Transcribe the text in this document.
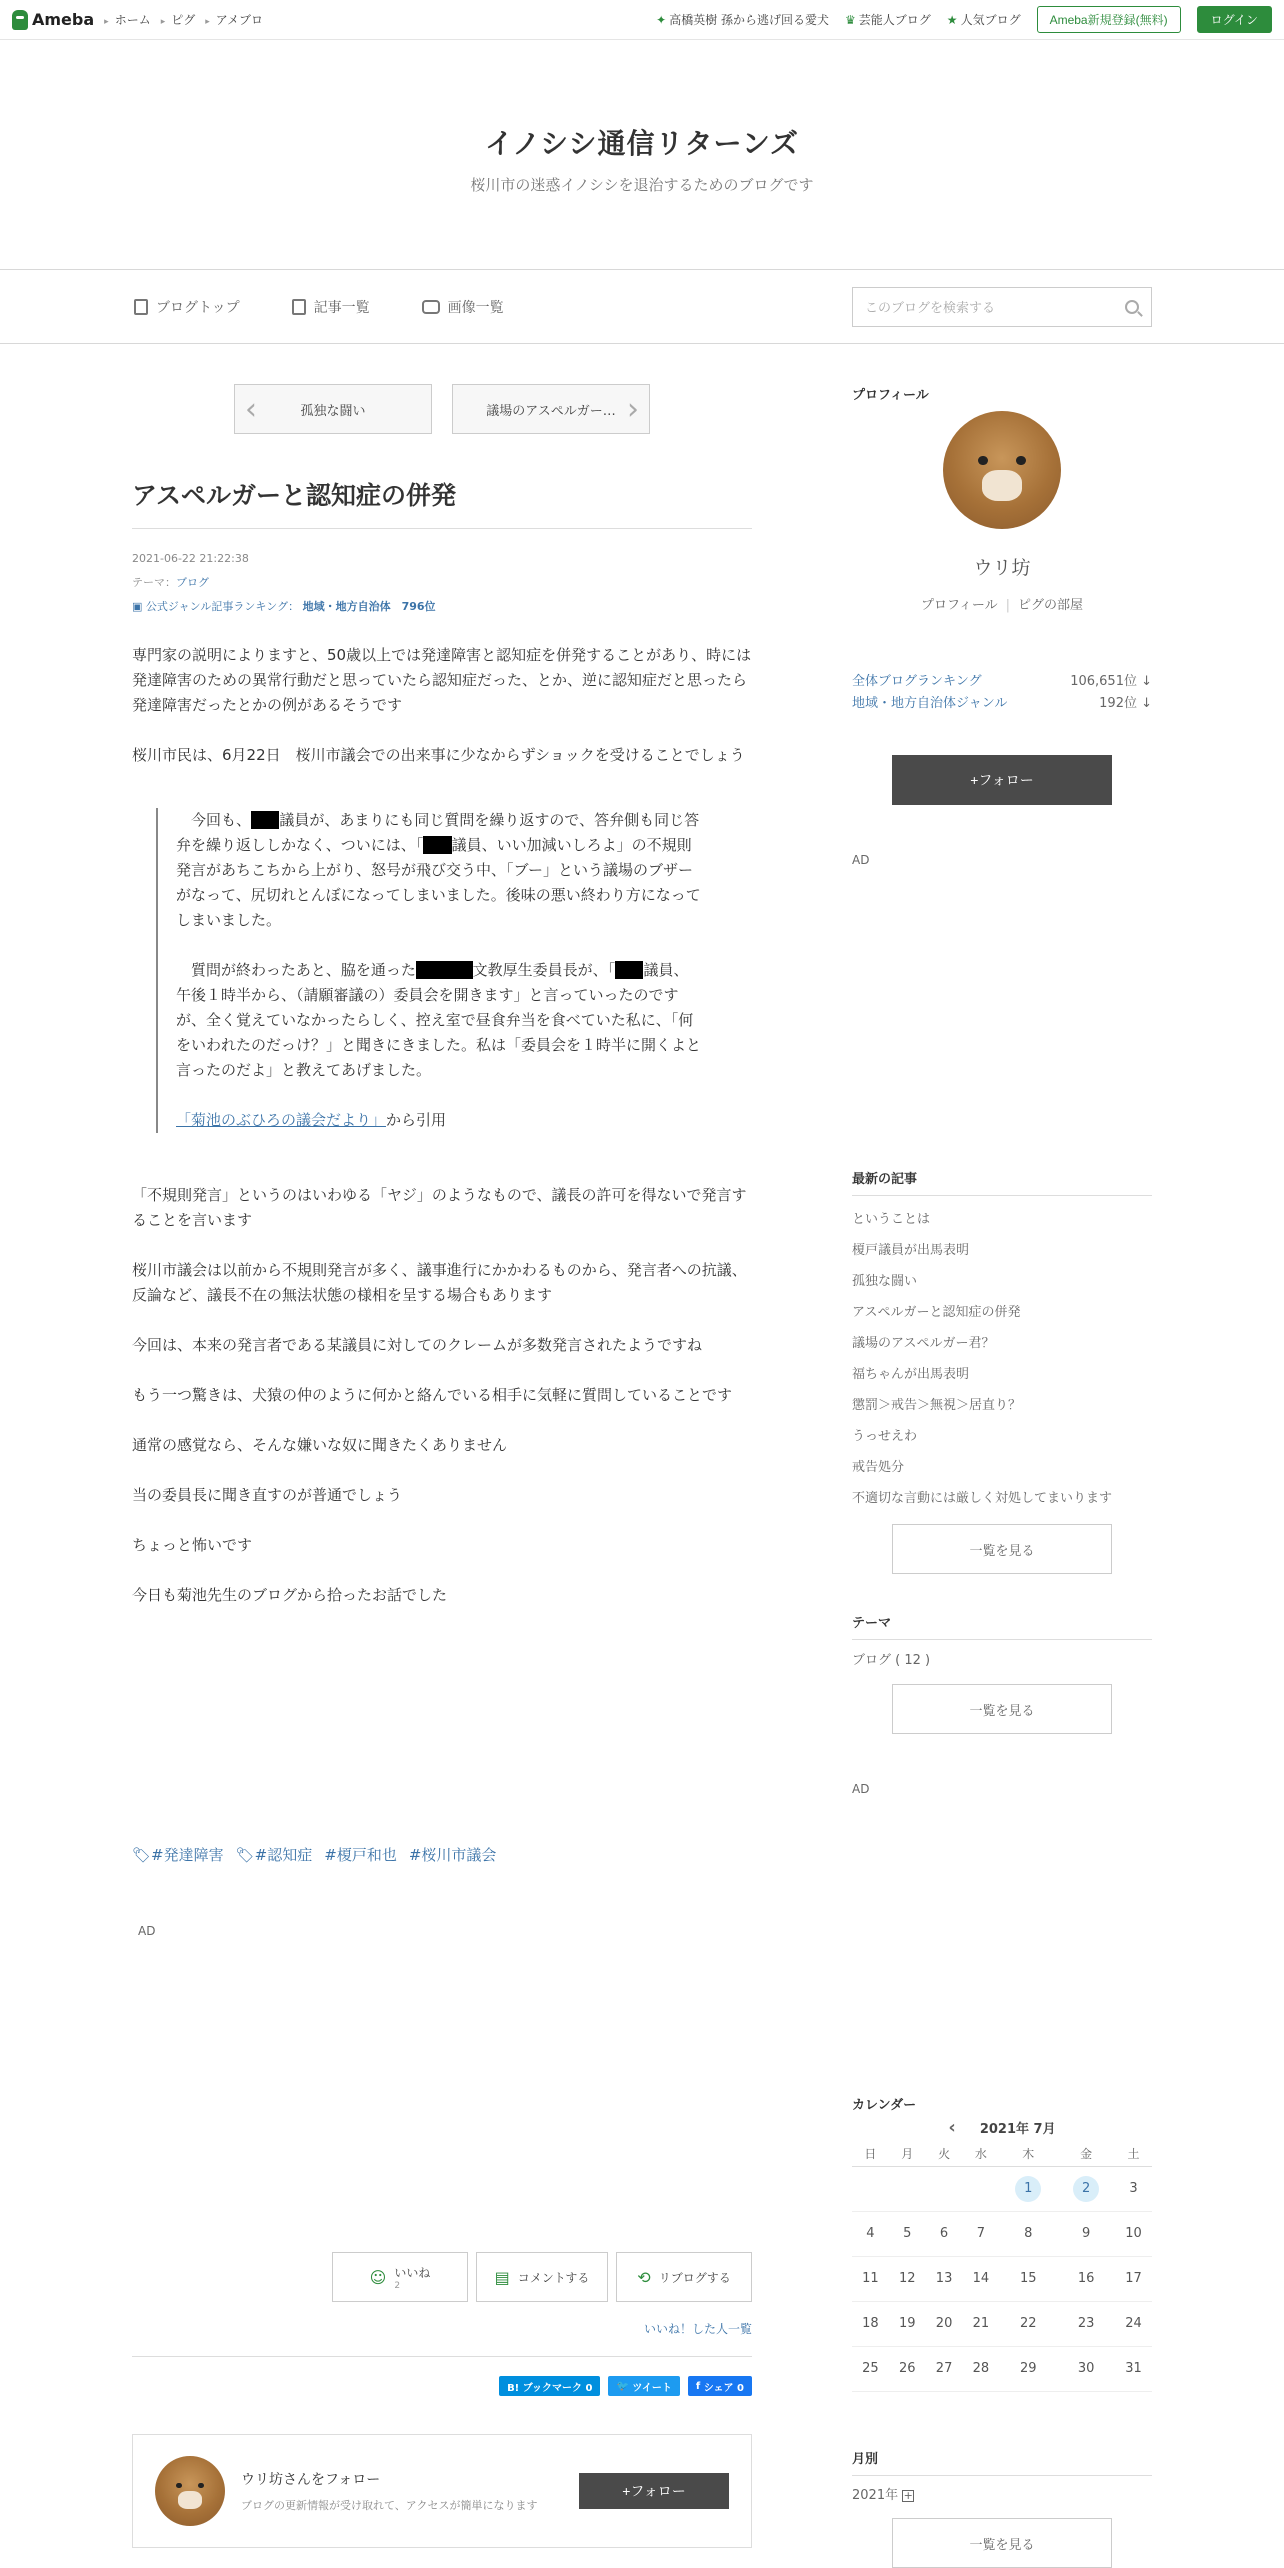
Ameba	▸ ホーム	▸ ピグ	▸ アメブロ	✦ 高橋英樹 孫から逃げ回る愛犬 ♛ 芸能人ブログ ★ 人気ブログ	Ameba新規登録(無料)	ログイン
イノシシ通信リターンズ
桜川市の迷惑イノシシを退治するためのブログです
ブログトップ	記事一覧	画像一覧	このブログを検索する
‹ 孤独な闘い	議場のアスペルガー… ›
アスペルガーと認知症の併発
2021-06-22 21:22:38
テーマ：ブログ
▣ 公式ジャンル記事ランキング： 地域・地方自治体　796位

専門家の説明によりますと、50歳以上では発達障害と認知症を併発することがあり、時には発達障害のための異常行動だと思っていたら認知症だった、とか、逆に認知症だと思ったら発達障害だったとかの例があるそうです

桜川市民は、6月22日　桜川市議会での出来事に少なからずショックを受けることでしょう

　今回も、■■議員が、あまりにも同じ質問を繰り返すので、答弁側も同じ答弁を繰り返ししかなく、ついには、「■■議員、いい加減いしろよ」の不規則発言があちこちから上がり、怒号が飛び交う中、「ブー」という議場のブザーがなって、尻切れとんぼになってしまいました。後味の悪い終わり方になってしまいました。

　質問が終わったあと、脇を通った■■■■文教厚生委員長が、「■■議員、午後１時半から、（請願審議の）委員会を開きます」と言っていったのですが、全く覚えていなかったらしく、控え室で昼食弁当を食べていた私に、「何をいわれたのだっけ？」と聞きにきました。私は「委員会を１時半に開くよと言ったのだよ」と教えてあげました。

「菊池のぶひろの議会だより」から引用

「不規則発言」というのはいわゆる「ヤジ」のようなもので、議長の許可を得ないで発言することを言います

桜川市議会は以前から不規則発言が多く、議事進行にかかわるものから、発言者への抗議、反論など、議長不在の無法状態の様相を呈する場合もあります

今回は、本来の発言者である某議員に対してのクレームが多数発言されたようですね

もう一つ驚きは、犬猿の仲のように何かと絡んでいる相手に気軽に質問していることです

通常の感覚なら、そんな嫌いな奴に聞きたくありません

当の委員長に聞き直すのが普通でしょう

ちょっと怖いです

今日も菊池先生のブログから拾ったお話でした

🏷#発達障害 🏷#認知症 #榎戸和也 #桜川市議会
AD
☺ いいね
2	▤ コメントする	⟲ リブログする
いいね！した人一覧
B! ブックマーク 0	🐦 ツイート f シェア 0
ウリ坊さんをフォロー
ブログの更新情報が受け取れて、アクセスが簡単になります
+フォロー
プロフィール
ウリ坊
プロフィール | ピグの部屋
全体ブログランキング	106,651位 ↓
地域・地方自治体ジャンル	192位 ↓
+フォロー
AD
最新の記事
ということは
榎戸議員が出馬表明
孤独な闘い
アスペルガーと認知症の併発
議場のアスペルガー君？
福ちゃんが出馬表明
懲罰＞戒告＞無視＞居直り？
うっせえわ
戒告処分
不適切な言動には厳しく対処してまいります
一覧を見る
テーマ
ブログ ( 12 )
一覧を見る
AD
カレンダー
‹ 2021年 7月
日	月	火	水	木	金	土
				1	2	3
4	5	6	7	8	9	10
11	12	13	14	15	16	17
18	19	20	21	22	23	24
25	26	27	28	29	30	31
月別
2021年 +
一覧を見る
